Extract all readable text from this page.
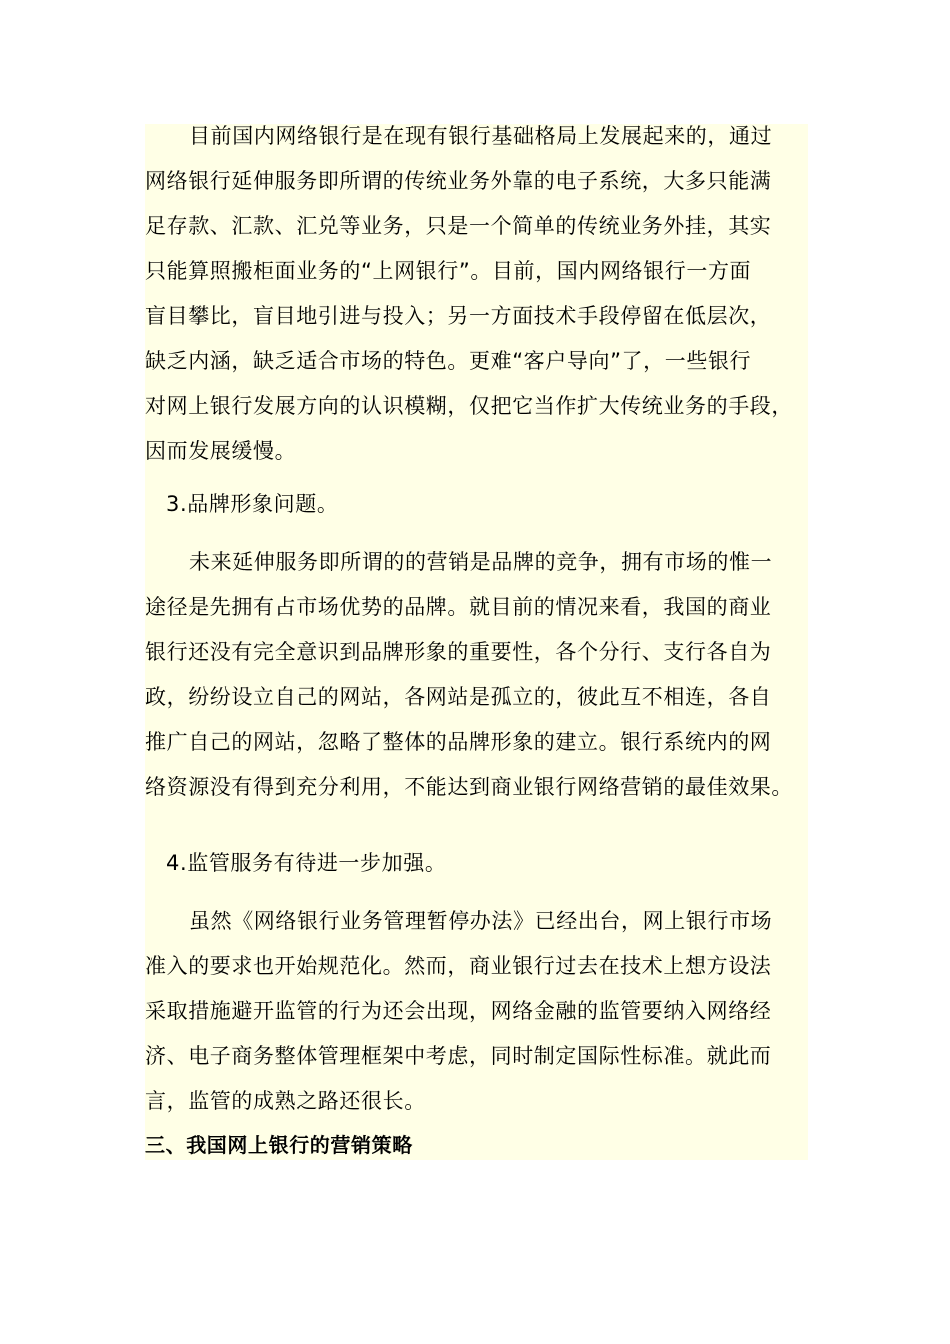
目前国内网络银行是在现有银行基础格局上发展起来的，通过
网络银行延伸服务即所谓的传统业务外靠的电子系统，大多只能满
足存款、汇款、汇兑等业务，只是一个简单的传统业务外挂，其实
只能算照搬柜面业务的“上网银行”。目前，国内网络银行一方面
盲目攀比，盲目地引进与投入；另一方面技术手段停留在低层次，
缺乏内涵，缺乏适合市场的特色。更难“客户导向”了，一些银行
对网上银行发展方向的认识模糊，仅把它当作扩大传统业务的手段，
因而发展缓慢。
3.品牌形象问题。
未来延伸服务即所谓的的营销是品牌的竞争，拥有市场的惟一
途径是先拥有占市场优势的品牌。就目前的情况来看，我国的商业
银行还没有完全意识到品牌形象的重要性，各个分行、支行各自为
政，纷纷设立自己的网站，各网站是孤立的，彼此互不相连，各自
推广自己的网站，忽略了整体的品牌形象的建立。银行系统内的网
络资源没有得到充分利用，不能达到商业银行网络营销的最佳效果。
4.监管服务有待进一步加强。
虽然《网络银行业务管理暂停办法》已经出台，网上银行市场
准入的要求也开始规范化。然而，商业银行过去在技术上想方设法
采取措施避开监管的行为还会出现，网络金融的监管要纳入网络经
济、电子商务整体管理框架中考虑，同时制定国际性标准。就此而
言，监管的成熟之路还很长。
三、我国网上银行的营销策略
